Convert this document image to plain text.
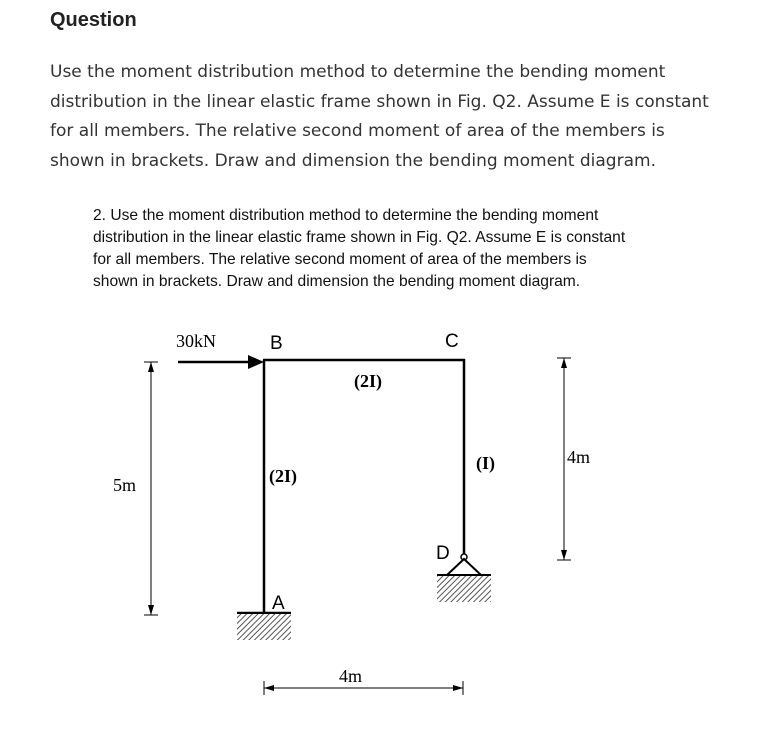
Question

Use the moment distribution method to determine the bending moment
distribution in the linear elastic frame shown in Fig. Q2. Assume E is constant
for all members. The relative second moment of area of the members is
shown in brackets. Draw and dimension the bending moment diagram.

2. Use the moment distribution method to determine the bending moment
distribution in the linear elastic frame shown in Fig. Q2. Assume E is constant
for all members. The relative second moment of area of the members is
shown in brackets. Draw and dimension the bending moment diagram.

30kN	B	C
A
D
(2I)
(2I)
(I)
5m
4m
4m
